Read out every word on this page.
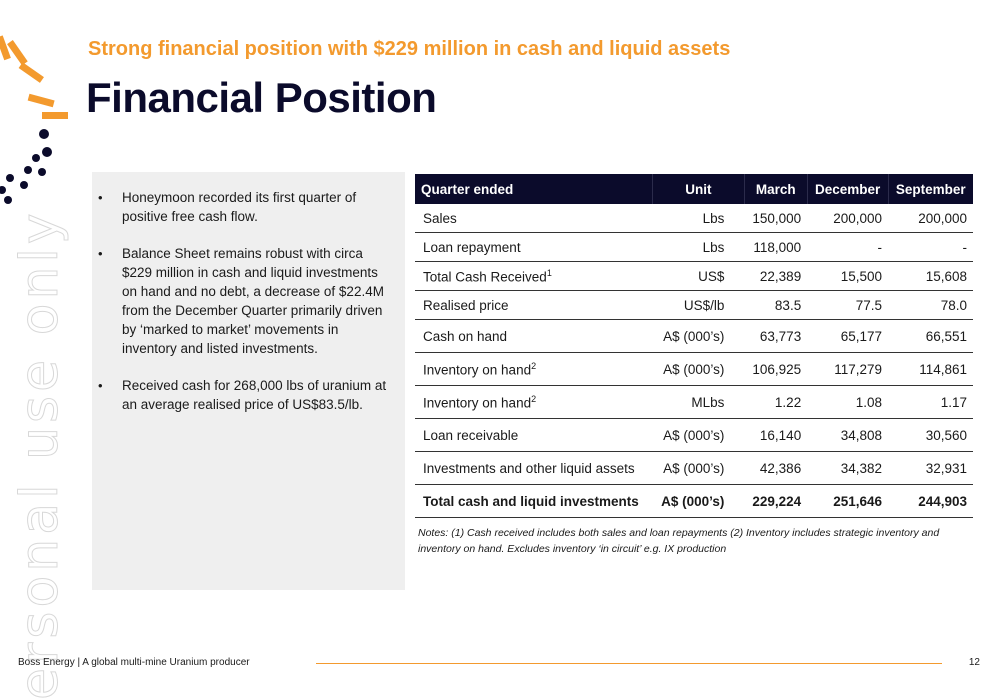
ersonal use only
Strong financial position with $229 million in cash and liquid assets
Financial Position
• Honeymoon recorded its first quarter of positive free cash flow.
• Balance Sheet remains robust with circa $229 million in cash and liquid investments on hand and no debt, a decrease of $22.4M from the December Quarter primarily driven by ‘marked to market’ movements in inventory and listed investments.
• Received cash for 268,000 lbs of uranium at an average realised price of US$83.5/lb.
Quarter ended	Unit	March	December	September
Sales	Lbs	150,000	200,000	200,000
Loan repayment	Lbs	118,000	-	-
Total Cash Received$^1$	US$	22,389	15,500	15,608
Realised price	US$/lb	83.5	77.5	78.0
Cash on hand	A$ (000’s)	63,773	65,177	66,551
Inventory on hand$^2$	A$ (000’s)	106,925	117,279	114,861
Inventory on hand$^2$	MLbs	1.22	1.08	1.17
Loan receivable	A$ (000’s)	16,140	34,808	30,560
Investments and other liquid assets	A$ (000’s)	42,386	34,382	32,931
Total cash and liquid investments	A$ (000’s)	229,224	251,646	244,903
Notes: (1) Cash received includes both sales and loan repayments (2) Inventory includes strategic inventory and inventory on hand. Excludes inventory ‘in circuit’ e.g. IX production
Boss Energy | A global multi-mine Uranium producer	12
